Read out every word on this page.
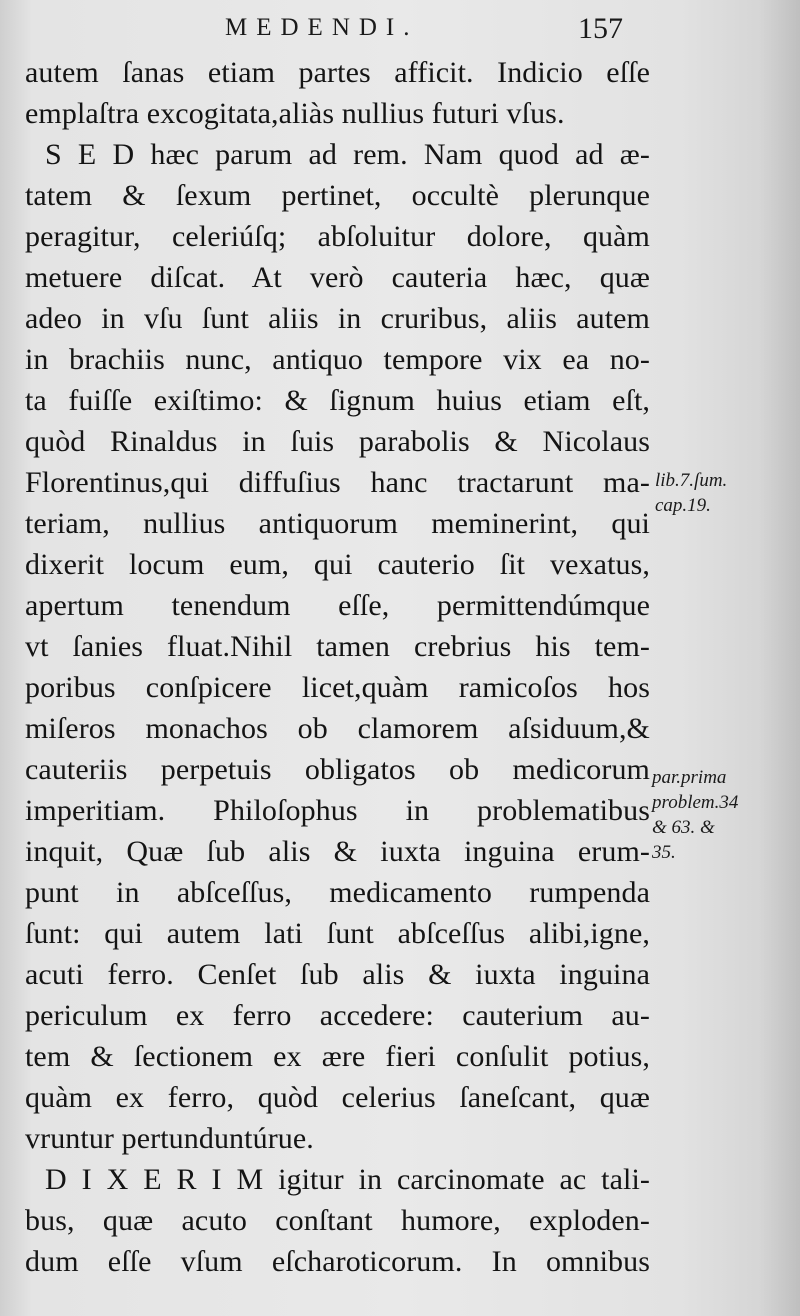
MEDENDI.	157
autem ſanas etiam partes afficit. Indicio eſſe
emplaſtra excogitata,aliàs nullius futuri vſus.
S E D hæc parum ad rem. Nam quod ad æ-
tatem & ſexum pertinet, occultè plerunque
peragitur, celeriúſq; abſoluitur dolore, quàm
metuere diſcat. At verò cauteria hæc, quæ
adeo in vſu ſunt aliis in cruribus, aliis autem
in brachiis nunc, antiquo tempore vix ea no-
ta fuiſſe exiſtimo: & ſignum huius etiam eſt,
quòd Rinaldus in ſuis parabolis & Nicolaus
Florentinus,qui diffuſius hanc tractarunt ma-
teriam, nullius antiquorum meminerint, qui
dixerit locum eum, qui cauterio ſit vexatus,
apertum tenendum eſſe, permittendúmque
vt ſanies fluat.Nihil tamen crebrius his tem-
poribus conſpicere licet,quàm ramicoſos hos
miſeros monachos ob clamorem aſsiduum,&
cauteriis perpetuis obligatos ob medicorum
imperitiam. Philoſophus in problematibus
inquit, Quæ ſub alis & iuxta inguina erum-
punt in abſceſſus, medicamento rumpenda
ſunt: qui autem lati ſunt abſceſſus alibi,igne,
acuti ferro. Cenſet ſub alis & iuxta inguina
periculum ex ferro accedere: cauterium au-
tem & ſectionem ex ære fieri conſulit potius,
quàm ex ferro, quòd celerius ſaneſcant, quæ
vruntur pertunduntúrue.
D I X E R I M igitur in carcinomate ac tali-
bus, quæ acuto conſtant humore, exploden-
dum eſſe vſum eſcharoticorum. In omnibus
lib.7.ſum.
cap.19.
par.prima
problem.34
& 63. &
35.
